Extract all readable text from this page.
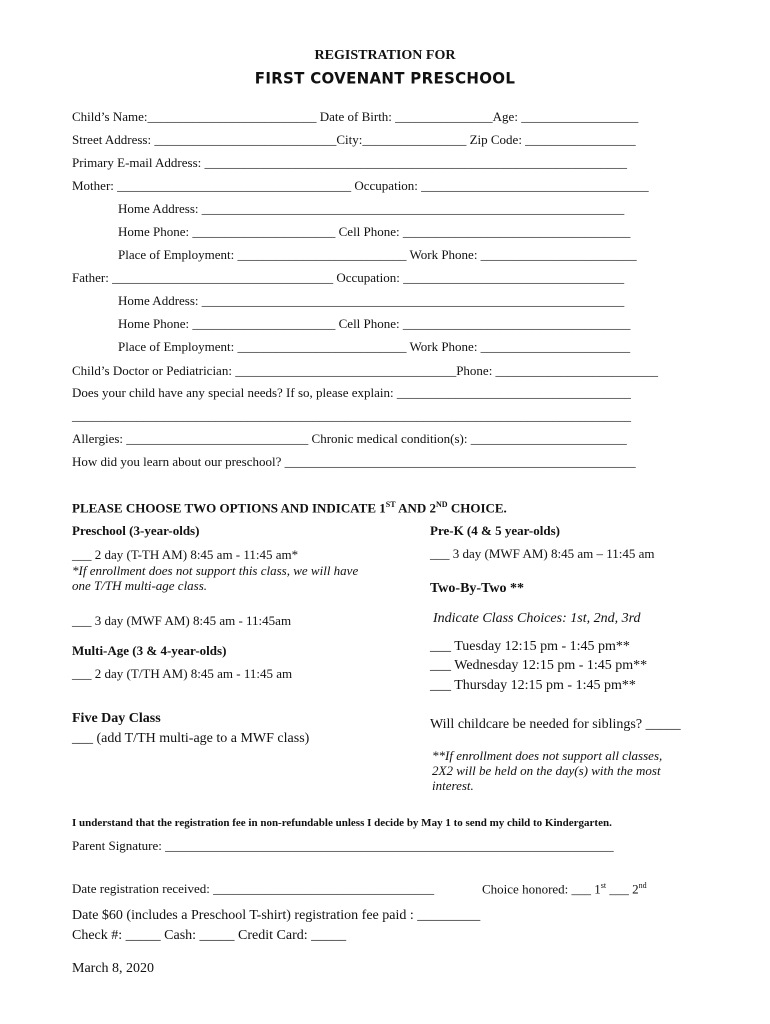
REGISTRATION FOR
FIRST COVENANT PRESCHOOL
Child’s Name:__________________________ Date of Birth: _______________Age: __________________
Street Address: ____________________________City:________________ Zip Code: _________________
Primary E-mail Address: _________________________________________________________________
Mother: ____________________________________ Occupation: ___________________________________
Home Address: _________________________________________________________________
Home Phone: ______________________ Cell Phone: ___________________________________
Place of Employment: __________________________ Work Phone: ________________________
Father: __________________________________ Occupation: __________________________________
Home Address: _________________________________________________________________
Home Phone: ______________________ Cell Phone: ___________________________________
Place of Employment: __________________________ Work Phone: _______________________
Child’s Doctor or Pediatrician: __________________________________Phone: _________________________
Does your child have any special needs? If so, please explain: ____________________________________
______________________________________________________________________________________
Allergies: ____________________________ Chronic medical condition(s): ________________________
How did you learn about our preschool? ______________________________________________________
PLEASE CHOOSE TWO OPTIONS AND INDICATE 1ST AND 2ND CHOICE.
Preschool (3-year-olds)
___ 2 day (T-TH AM) 8:45 am - 11:45 am*
*If enrollment does not support this class, we will have
one T/TH multi-age class.
___ 3 day (MWF AM) 8:45 am - 11:45am
Multi-Age (3 & 4-year-olds)
___ 2 day (T/TH AM) 8:45 am - 11:45 am
Five Day Class
___ (add T/TH multi-age to a MWF class)
Pre-K (4 & 5 year-olds)
___ 3 day (MWF AM) 8:45 am – 11:45 am
Two-By-Two **
Indicate Class Choices: 1st, 2nd, 3rd
___ Tuesday 12:15 pm - 1:45 pm**
___ Wednesday 12:15 pm - 1:45 pm**
___ Thursday 12:15 pm - 1:45 pm**
Will childcare be needed for siblings? _____
**If enrollment does not support all classes,
2X2 will be held on the day(s) with the most
interest.
I understand that the registration fee in non-refundable unless I decide by May 1 to send my child to Kindergarten.
Parent Signature: _____________________________________________________________________
Date registration received: __________________________________	Choice honored: ___ 1st ___ 2nd
Date $60 (includes a Preschool T-shirt) registration fee paid : _________
Check #: _____ Cash: _____ Credit Card: _____
March 8, 2020
